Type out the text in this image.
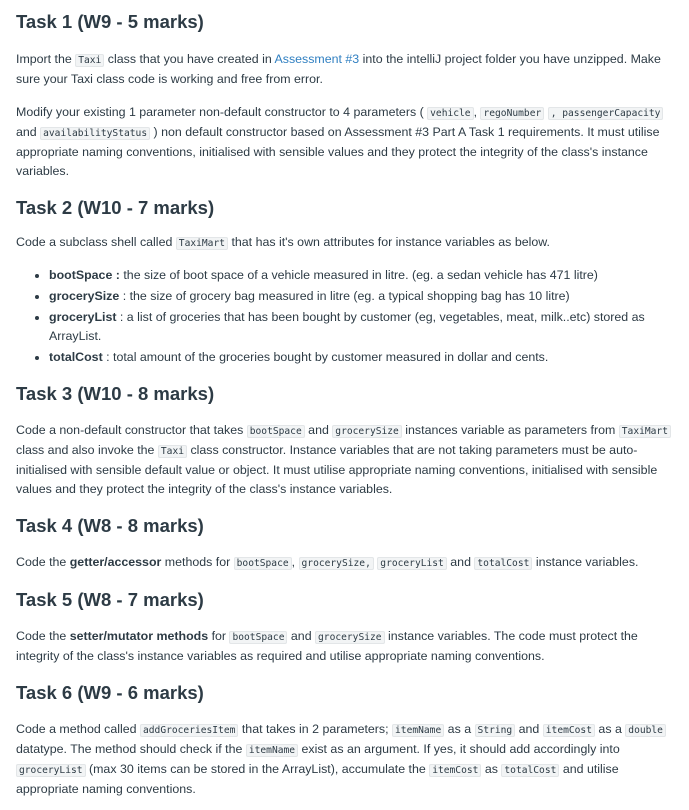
Task 1 (W9 - 5 marks)

Import the Taxi class that you have created in Assessment #3 into the intelliJ project folder you have unzipped. Make sure your Taxi class code is working and free from error.

Modify your existing 1 parameter non-default constructor to 4 parameters ( vehicle , regoNumber , passengerCapacity and availabilityStatus ) non default constructor based on Assessment #3 Part A Task 1 requirements. It must utilise appropriate naming conventions, initialised with sensible values and they protect the integrity of the class's instance variables.

Task 2 (W10 - 7 marks)

Code a subclass shell called TaxiMart that has it's own attributes for instance variables as below.

• bootSpace : the size of boot space of a vehicle measured in litre. (eg. a sedan vehicle has 471 litre)
• grocerySize : the size of grocery bag measured in litre (eg. a typical shopping bag has 10 litre)
• groceryList : a list of groceries that has been bought by customer (eg, vegetables, meat, milk..etc) stored as ArrayList.
• totalCost : total amount of the groceries bought by customer measured in dollar and cents.
Task 3 (W10 - 8 marks)

Code a non-default constructor that takes bootSpace and grocerySize instances variable as parameters from TaxiMart class and also invoke the Taxi class constructor. Instance variables that are not taking parameters must be auto-initialised with sensible default value or object. It must utilise appropriate naming conventions, initialised with sensible values and they protect the integrity of the class's instance variables.

Task 4 (W8 - 8 marks)

Code the getter/accessor methods for bootSpace , grocerySize, groceryList and totalCost instance variables.

Task 5 (W8 - 7 marks)

Code the setter/mutator methods for bootSpace and grocerySize instance variables. The code must protect the integrity of the class's instance variables as required and utilise appropriate naming conventions.

Task 6 (W9 - 6 marks)

Code a method called addGroceriesItem that takes in 2 parameters; itemName as a String and itemCost as a double datatype. The method should check if the itemName exist as an argument. If yes, it should add accordingly into groceryList (max 30 items can be stored in the ArrayList), accumulate the itemCost as totalCost and utilise appropriate naming conventions.
